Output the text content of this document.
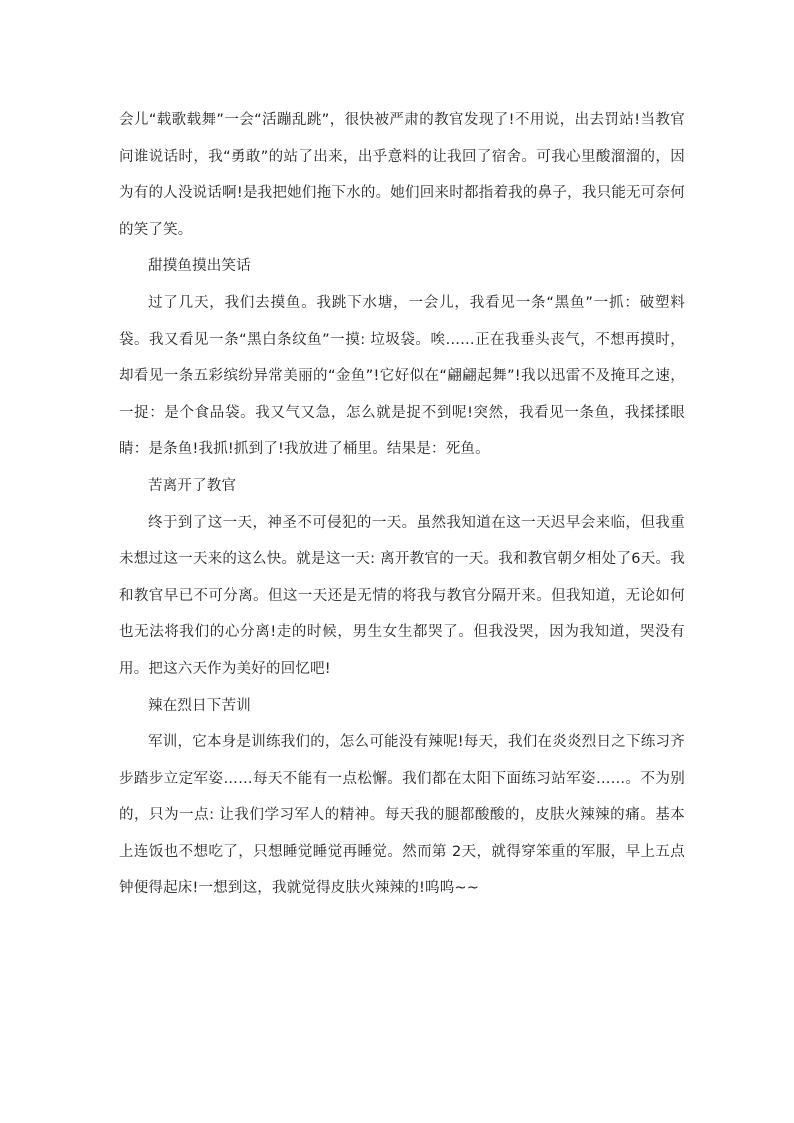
会儿“载歌载舞”一会“活蹦乱跳”，很快被严肃的教官发现了!不用说，出去罚站!当教官问谁说话时，我“勇敢”的站了出来，出乎意料的让我回了宿舍。可我心里酸溜溜的，因为有的人没说话啊!是我把她们拖下水的。她们回来时都指着我的鼻子，我只能无可奈何的笑了笑。

甜摸鱼摸出笑话

过了几天，我们去摸鱼。我跳下水塘，一会儿，我看见一条“黑鱼”一抓：破塑料袋。我又看见一条“黑白条纹鱼”一摸: 垃圾袋。唉……正在我垂头丧气，不想再摸时，却看见一条五彩缤纷异常美丽的“金鱼”!它好似在“翩翩起舞”!我以迅雷不及掩耳之速，一捉：是个食品袋。我又气又急，怎么就是捉不到呢!突然，我看见一条鱼，我揉揉眼睛：是条鱼!我抓!抓到了!我放进了桶里。结果是：死鱼。

苦离开了教官

终于到了这一天，神圣不可侵犯的一天。虽然我知道在这一天迟早会来临，但我重未想过这一天来的这么快。就是这一天: 离开教官的一天。我和教官朝夕相处了6天。我和教官早已不可分离。但这一天还是无情的将我与教官分隔开来。但我知道，无论如何也无法将我们的心分离!走的时候，男生女生都哭了。但我没哭，因为我知道，哭没有用。把这六天作为美好的回忆吧!

辣在烈日下苦训

军训，它本身是训练我们的，怎么可能没有辣呢!每天，我们在炎炎烈日之下练习齐步踏步立定军姿……每天不能有一点松懈。我们都在太阳下面练习站军姿……。不为别的，只为一点: 让我们学习军人的精神。每天我的腿都酸酸的，皮肤火辣辣的痛。基本上连饭也不想吃了，只想睡觉睡觉再睡觉。然而第 2天，就得穿笨重的军服，早上五点钟便得起床!一想到这，我就觉得皮肤火辣辣的!呜呜~~
